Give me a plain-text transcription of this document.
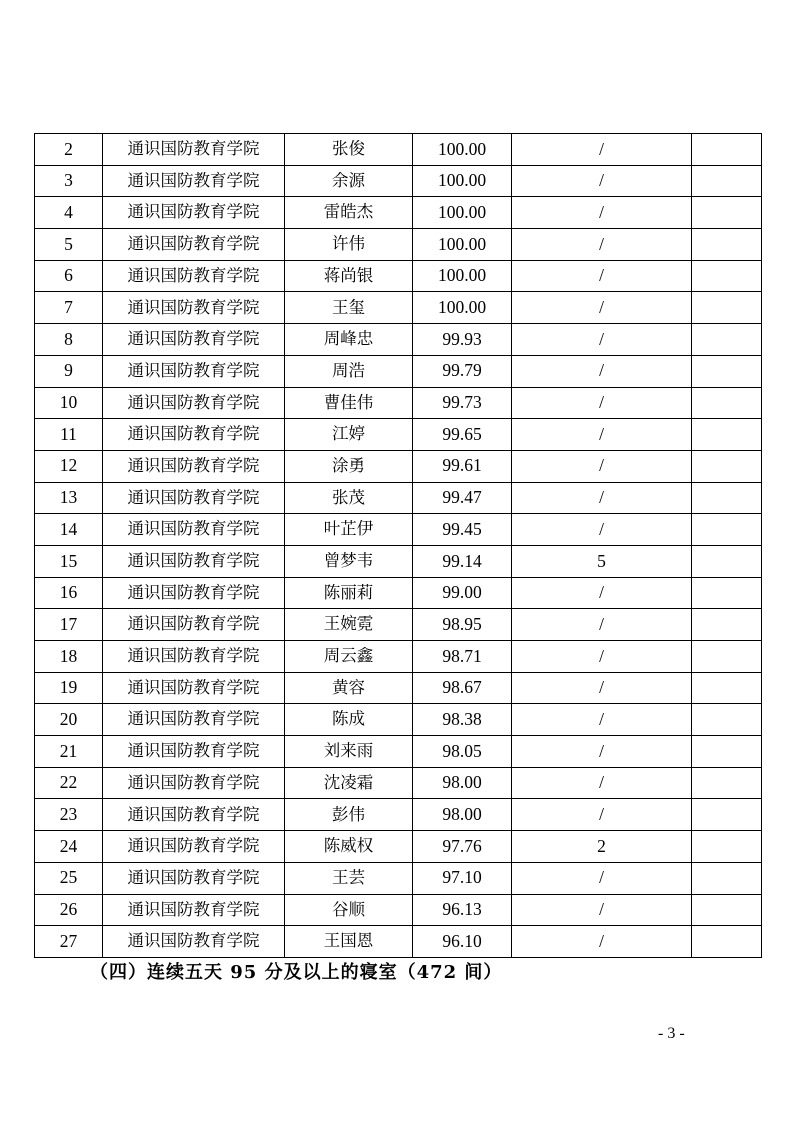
2	通识国防教育学院	张俊	100.00	/	
3	通识国防教育学院	余源	100.00	/	
4	通识国防教育学院	雷皓杰	100.00	/	
5	通识国防教育学院	许伟	100.00	/	
6	通识国防教育学院	蒋尚银	100.00	/	
7	通识国防教育学院	王玺	100.00	/	
8	通识国防教育学院	周峰忠	99.93	/	
9	通识国防教育学院	周浩	99.79	/	
10	通识国防教育学院	曹佳伟	99.73	/	
11	通识国防教育学院	江婷	99.65	/	
12	通识国防教育学院	涂勇	99.61	/	
13	通识国防教育学院	张茂	99.47	/	
14	通识国防教育学院	叶芷伊	99.45	/	
15	通识国防教育学院	曾梦韦	99.14	5	
16	通识国防教育学院	陈丽莉	99.00	/	
17	通识国防教育学院	王婉霓	98.95	/	
18	通识国防教育学院	周云鑫	98.71	/	
19	通识国防教育学院	黄容	98.67	/	
20	通识国防教育学院	陈成	98.38	/	
21	通识国防教育学院	刘来雨	98.05	/	
22	通识国防教育学院	沈凌霜	98.00	/	
23	通识国防教育学院	彭伟	98.00	/	
24	通识国防教育学院	陈威权	97.76	2	
25	通识国防教育学院	王芸	97.10	/	
26	通识国防教育学院	谷顺	96.13	/	
27	通识国防教育学院	王国恩	96.10	/	
（四）连续五天 95 分及以上的寝室（472 间）
- 3 -
